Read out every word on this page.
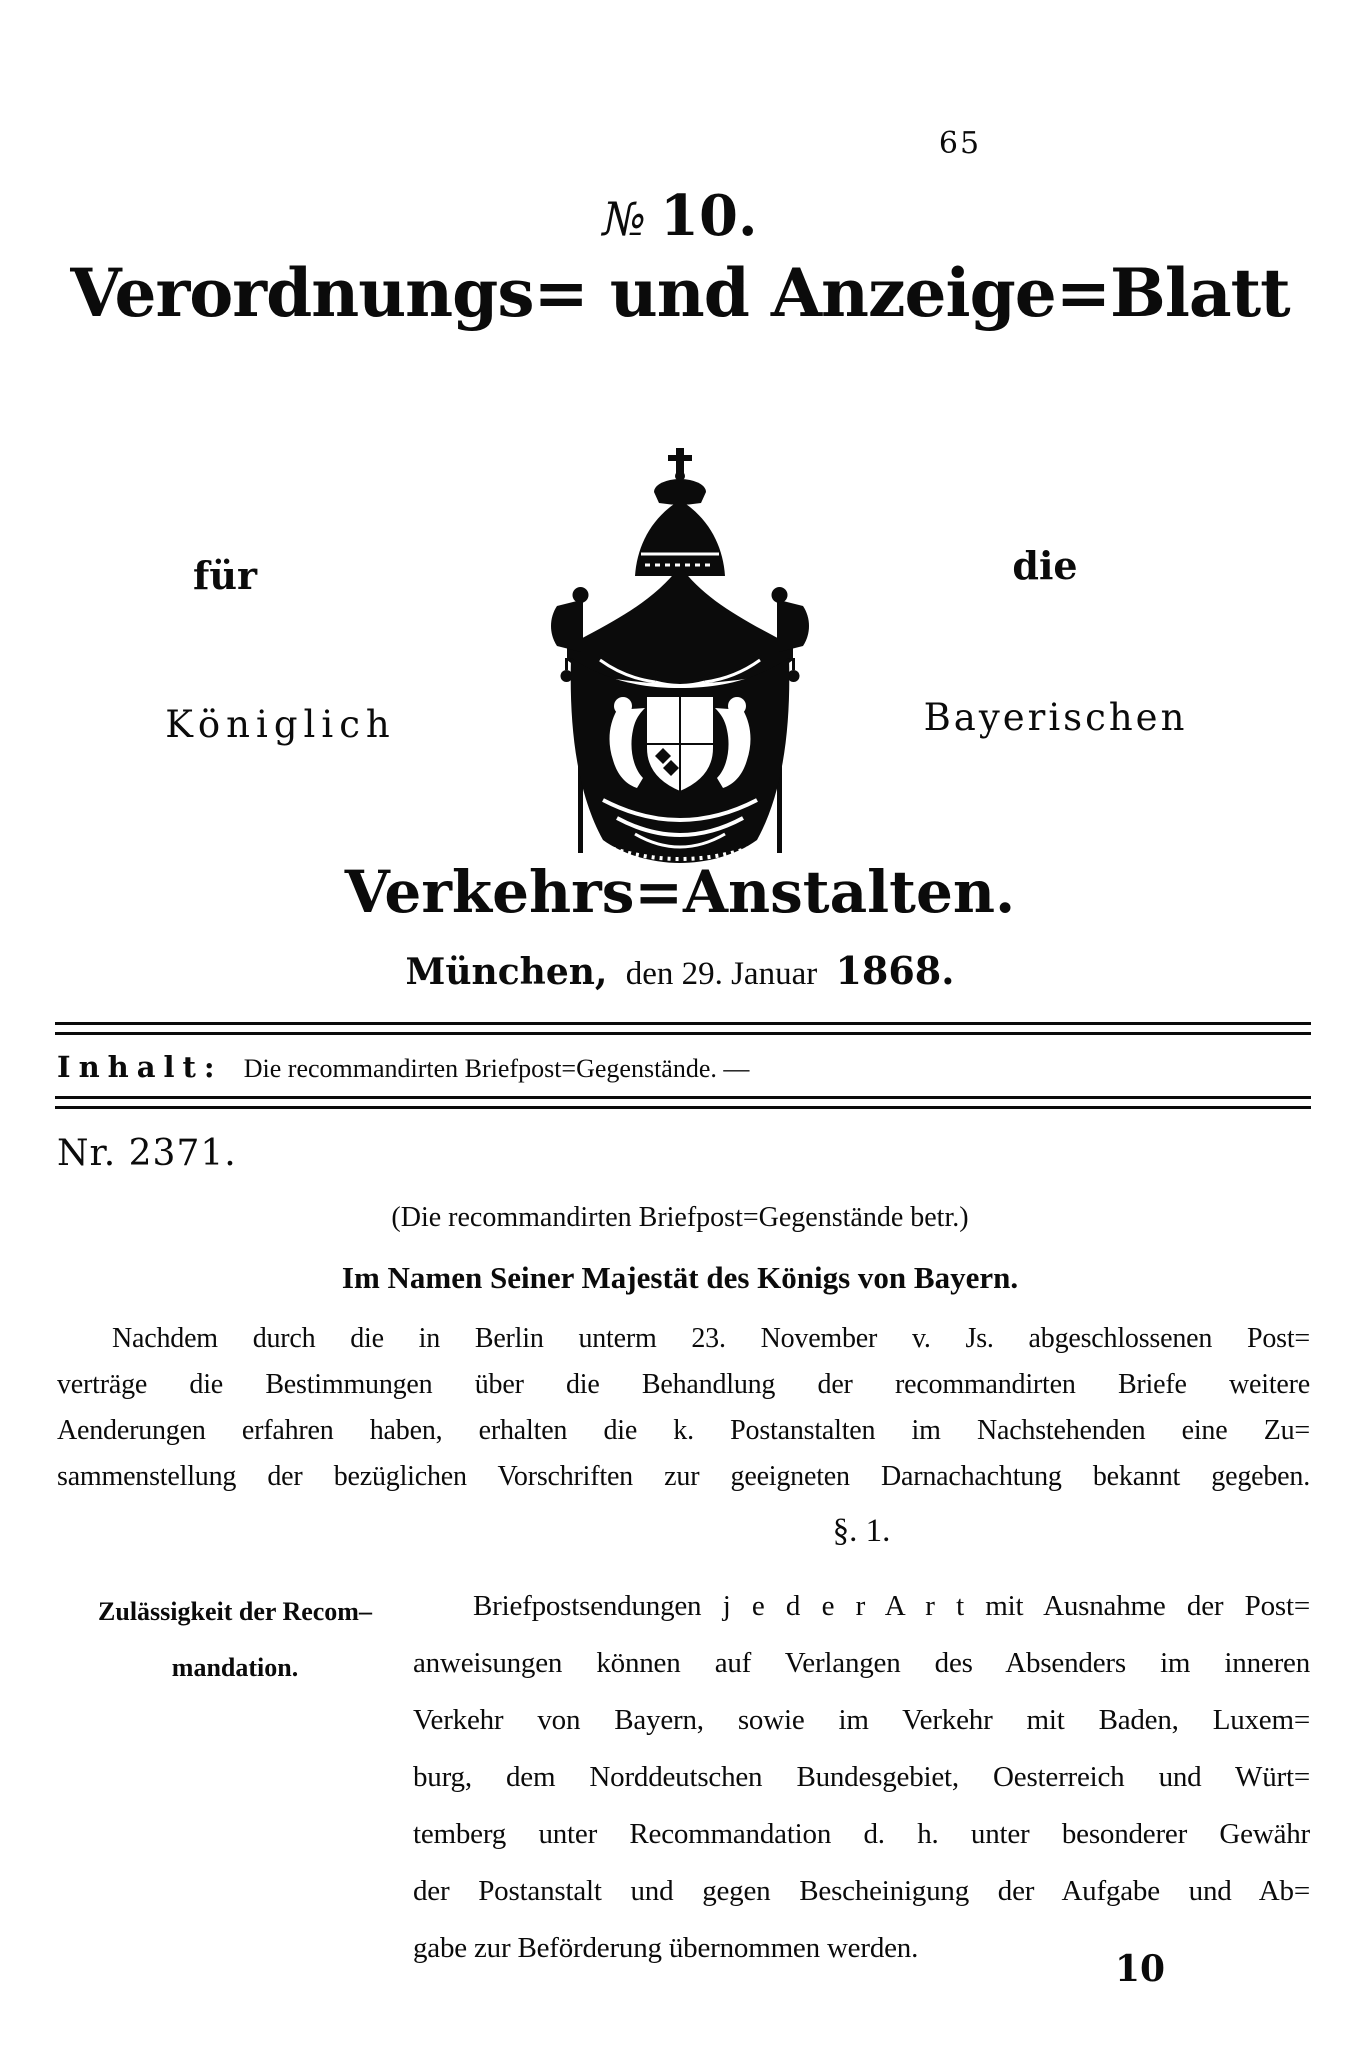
65
№ 10.
Verordnungs= und Anzeige=Blatt
für	die
Königlich	Bayerischen
Verkehrs=Anstalten.
München, den 29. Januar 1868.
Inhalt: Die recommandirten Briefpost=Gegenstände. —
Nr. 2371.
(Die recommandirten Briefpost=Gegenstände betr.)
Im Namen Seiner Majestät des Königs von Bayern.
Nachdem durch die in Berlin unterm 23. November v. Js. abgeschlossenen Post=
verträge die Bestimmungen über die Behandlung der recommandirten Briefe weitere
Aenderungen erfahren haben, erhalten die k. Postanstalten im Nachstehenden eine Zu=
sammenstellung der bezüglichen Vorschriften zur geeigneten Darnachachtung bekannt gegeben.
§. 1.
Zulässigkeit der Recom–
mandation.
Briefpostsendungen j e d e r A r t mit Ausnahme der Post=
anweisungen können auf Verlangen des Absenders im inneren
Verkehr von Bayern, sowie im Verkehr mit Baden, Luxem=
burg, dem Norddeutschen Bundesgebiet, Oesterreich und Würt=
temberg unter Recommandation d. h. unter besonderer Gewähr
der Postanstalt und gegen Bescheinigung der Aufgabe und Ab=
gabe zur Beförderung übernommen werden.	10
